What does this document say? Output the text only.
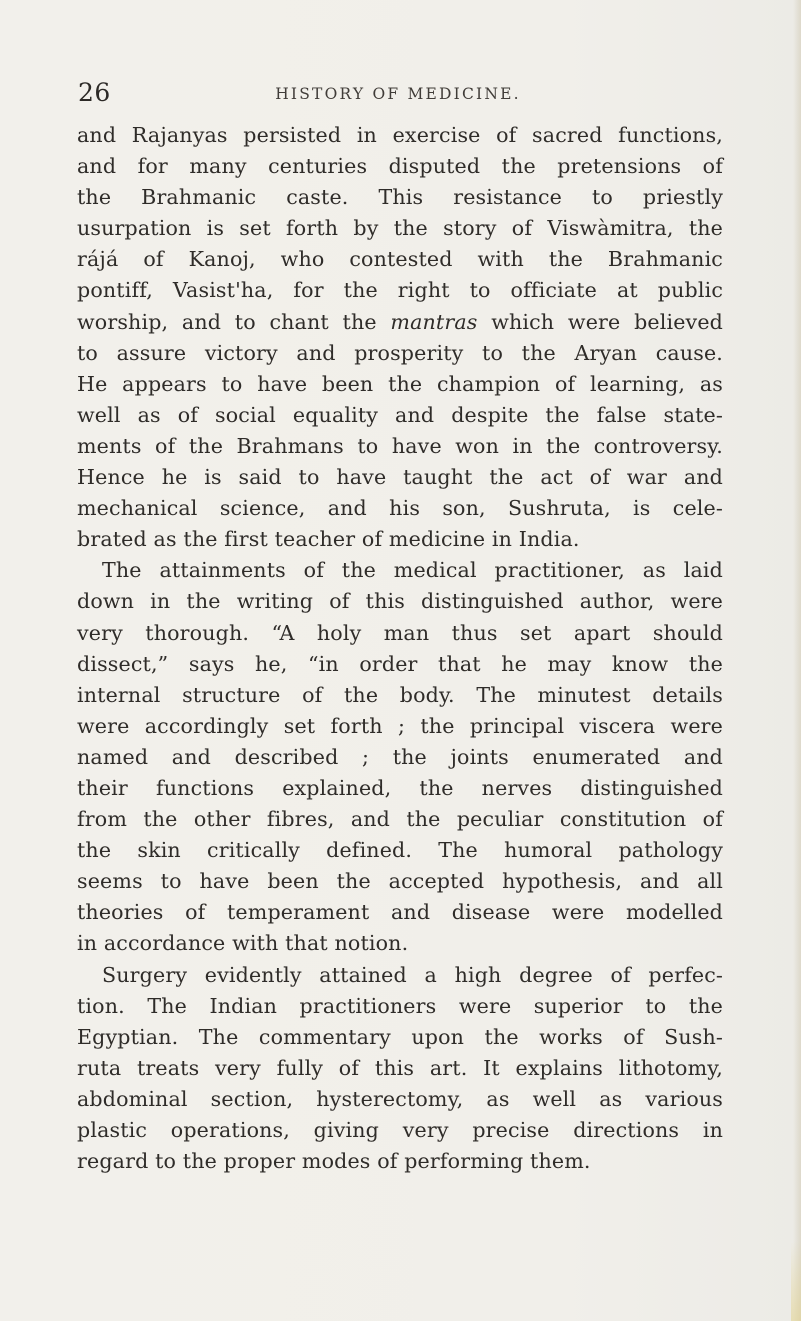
26	HISTORY OF MEDICINE.
and Rajanyas persisted in exercise of sacred functions,
and for many centuries disputed the pretensions of
the Brahmanic caste. This resistance to priestly
usurpation is set forth by the story of Viswàmitra, the
rájá of Kanoj, who contested with the Brahmanic
pontiff, Vasist'ha, for the right to officiate at public
worship, and to chant the mantras which were believed
to assure victory and prosperity to the Aryan cause.
He appears to have been the champion of learning, as
well as of social equality and despite the false state-
ments of the Brahmans to have won in the controversy.
Hence he is said to have taught the act of war and
mechanical science, and his son, Sushruta, is cele-
brated as the first teacher of medicine in India.
The attainments of the medical practitioner, as laid
down in the writing of this distinguished author, were
very thorough. “A holy man thus set apart should
dissect,” says he, “in order that he may know the
internal structure of the body. The minutest details
were accordingly set forth ; the principal viscera were
named and described ; the joints enumerated and
their functions explained, the nerves distinguished
from the other fibres, and the peculiar constitution of
the skin critically defined. The humoral pathology
seems to have been the accepted hypothesis, and all
theories of temperament and disease were modelled
in accordance with that notion.
Surgery evidently attained a high degree of perfec-
tion. The Indian practitioners were superior to the
Egyptian. The commentary upon the works of Sush-
ruta treats very fully of this art. It explains lithotomy,
abdominal section, hysterectomy, as well as various
plastic operations, giving very precise directions in
regard to the proper modes of performing them.
